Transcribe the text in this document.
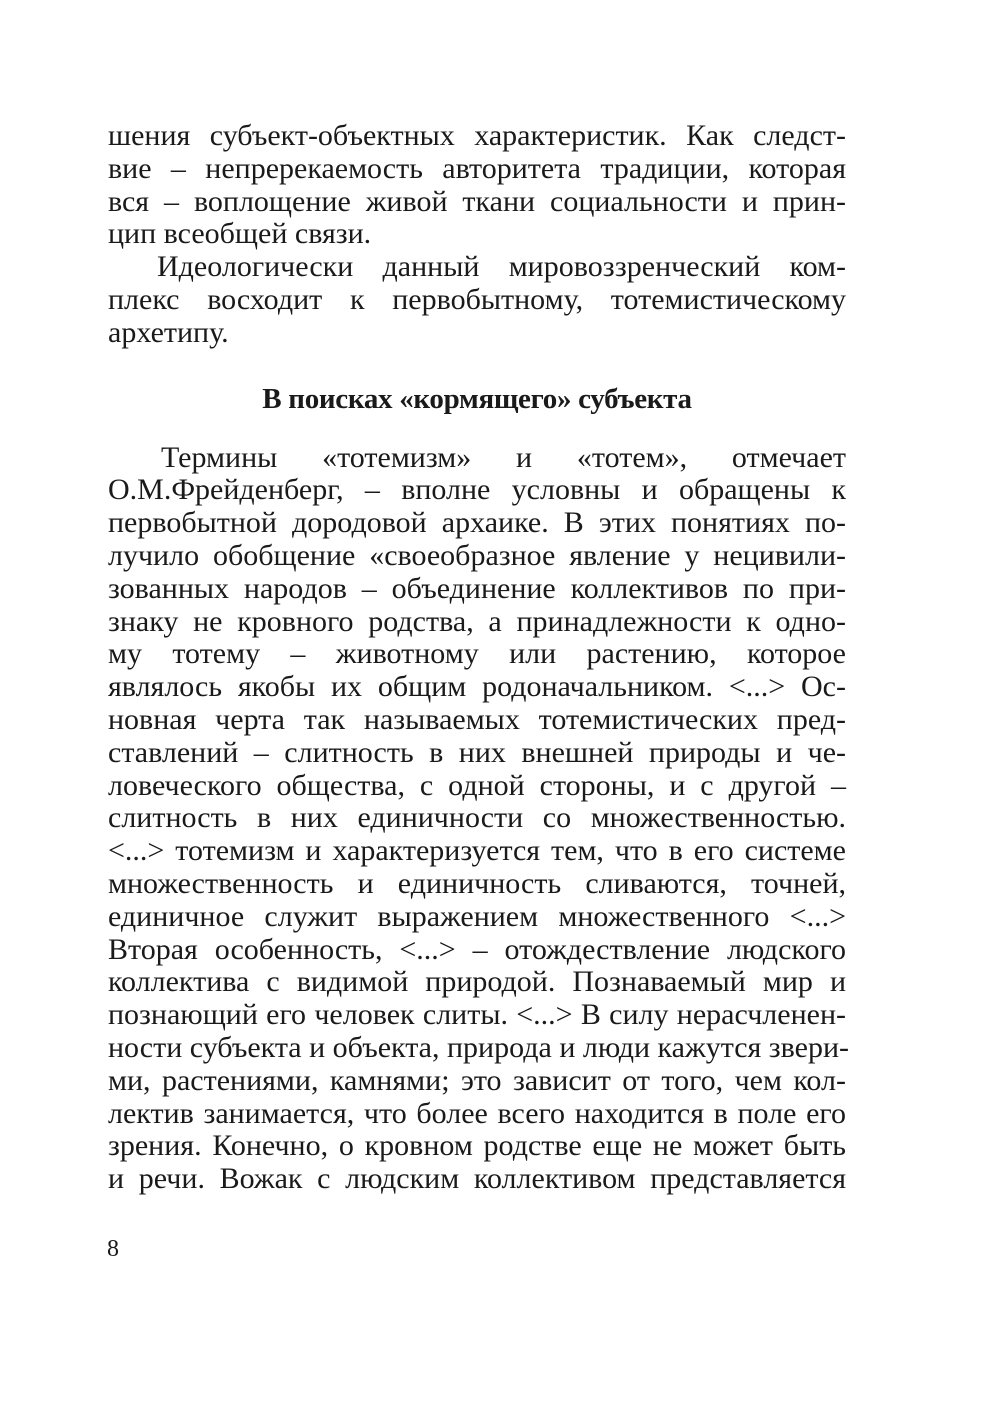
шения субъект-объектных характеристик. Как следст-
вие – непререкаемость авторитета традиции, которая
вся – воплощение живой ткани социальности и прин-
цип всеобщей связи.
Идеологически данный мировоззренческий ком-
плекс восходит к первобытному, тотемистическому
архетипу.
В поисках «кормящего» субъекта
Термины «тотемизм» и «тотем», отмечает
О.М.Фрейденберг, – вполне условны и обращены к
первобытной дородовой архаике. В этих понятиях по-
лучило обобщение «своеобразное явление у нецивили-
зованных народов – объединение коллективов по при-
знаку не кровного родства, а принадлежности к одно-
му тотему – животному или растению, которое
являлось якобы их общим родоначальником. <...> Ос-
новная черта так называемых тотемистических пред-
ставлений – слитность в них внешней природы и че-
ловеческого общества, с одной стороны, и с другой –
слитность в них единичности со множественностью.
<...> тотемизм и характеризуется тем, что в его системе
множественность и единичность сливаются, точней,
единичное служит выражением множественного <...>
Вторая особенность, <...> – отождествление людского
коллектива с видимой природой. Познаваемый мир и
познающий его человек слиты. <...> В силу нерасчленен-
ности субъекта и объекта, природа и люди кажутся звери-
ми, растениями, камнями; это зависит от того, чем кол-
лектив занимается, что более всего находится в поле его
зрения. Конечно, о кровном родстве еще не может быть
и речи. Вожак с людским коллективом представляется
8
